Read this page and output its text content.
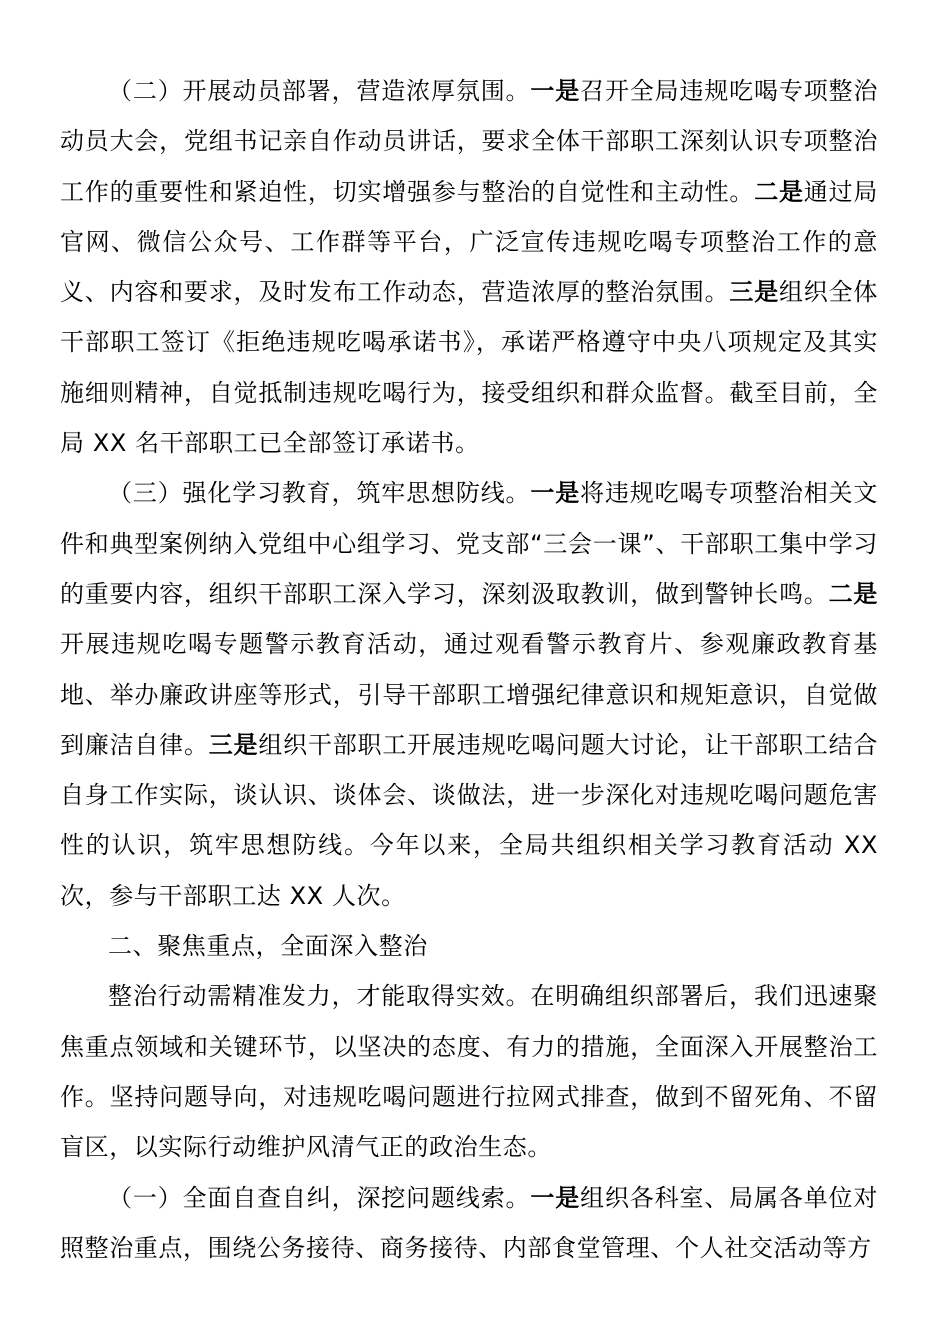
（二）开展动员部署，营造浓厚氛围。一是召开全局违规吃喝专项整治动员大会，党组书记亲自作动员讲话，要求全体干部职工深刻认识专项整治工作的重要性和紧迫性，切实增强参与整治的自觉性和主动性。二是通过局官网、微信公众号、工作群等平台，广泛宣传违规吃喝专项整治工作的意义、内容和要求，及时发布工作动态，营造浓厚的整治氛围。三是组织全体干部职工签订《拒绝违规吃喝承诺书》，承诺严格遵守中央八项规定及其实施细则精神，自觉抵制违规吃喝行为，接受组织和群众监督。截至目前，全局 XX 名干部职工已全部签订承诺书。

（三）强化学习教育，筑牢思想防线。一是将违规吃喝专项整治相关文件和典型案例纳入党组中心组学习、党支部“三会一课”、干部职工集中学习的重要内容，组织干部职工深入学习，深刻汲取教训，做到警钟长鸣。二是开展违规吃喝专题警示教育活动，通过观看警示教育片、参观廉政教育基地、举办廉政讲座等形式，引导干部职工增强纪律意识和规矩意识，自觉做到廉洁自律。三是组织干部职工开展违规吃喝问题大讨论，让干部职工结合自身工作实际，谈认识、谈体会、谈做法，进一步深化对违规吃喝问题危害性的认识，筑牢思想防线。今年以来，全局共组织相关学习教育活动 XX 次，参与干部职工达 XX 人次。

二、聚焦重点，全面深入整治

整治行动需精准发力，才能取得实效。在明确组织部署后，我们迅速聚焦重点领域和关键环节，以坚决的态度、有力的措施，全面深入开展整治工作。坚持问题导向，对违规吃喝问题进行拉网式排查，做到不留死角、不留盲区，以实际行动维护风清气正的政治生态。

（一）全面自查自纠，深挖问题线索。一是组织各科室、局属各单位对照整治重点，围绕公务接待、商务接待、内部食堂管理、个人社交活动等方
